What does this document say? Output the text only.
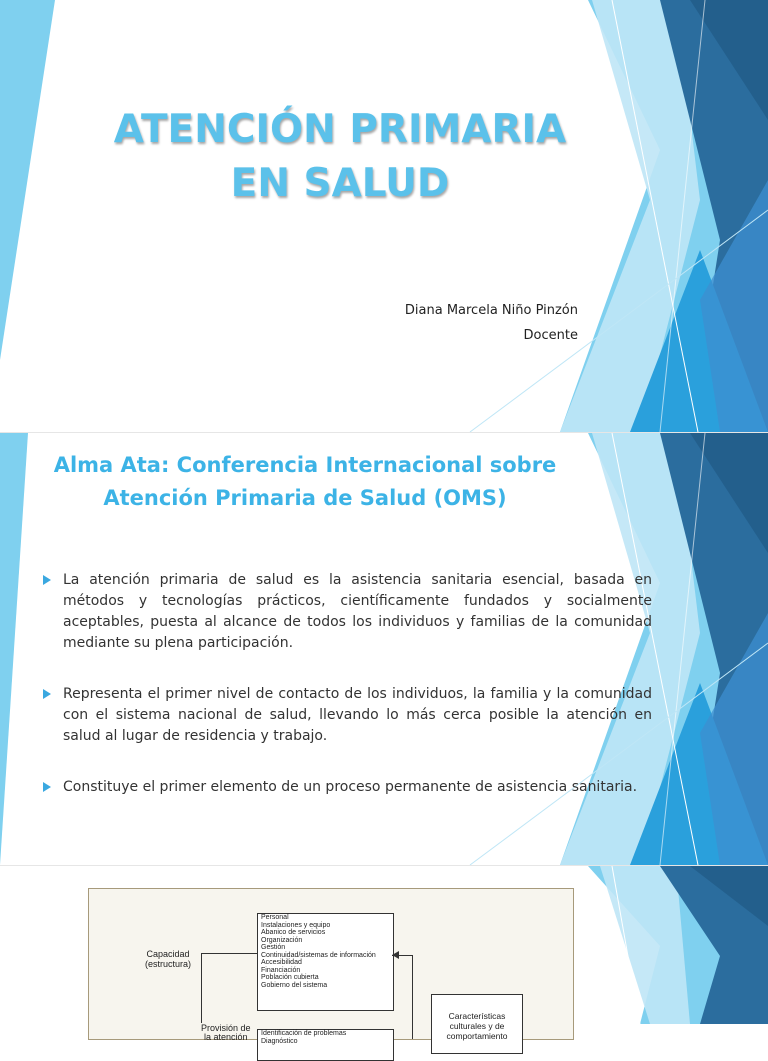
ATENCIÓN PRIMARIA
EN SALUD
Diana Marcela Niño Pinzón
Docente
Alma Ata: Conferencia Internacional sobre
Atención Primaria de Salud (OMS)
La atención primaria de salud es la asistencia sanitaria esencial, basada en métodos y tecnologías prácticos, científicamente fundados y socialmente aceptables, puesta al alcance de todos los individuos y familias de la comunidad mediante su plena participación.
Representa el primer nivel de contacto de los individuos, la familia y la comunidad con el sistema nacional de salud, llevando lo más cerca posible la atención en salud al lugar de residencia y trabajo.
Constituye el primer elemento de un proceso permanente de asistencia sanitaria.
Capacidad
(estructura)
Provisión de
la atención
Personal
Instalaciones y equipo
Abanico de servicios
Organización
Gestión
Continuidad/sistemas de información
Accesibilidad
Financiación
Población cubierta
Gobierno del sistema
Identificación de problemas
Diagnóstico
Características
culturales y de
comportamiento
